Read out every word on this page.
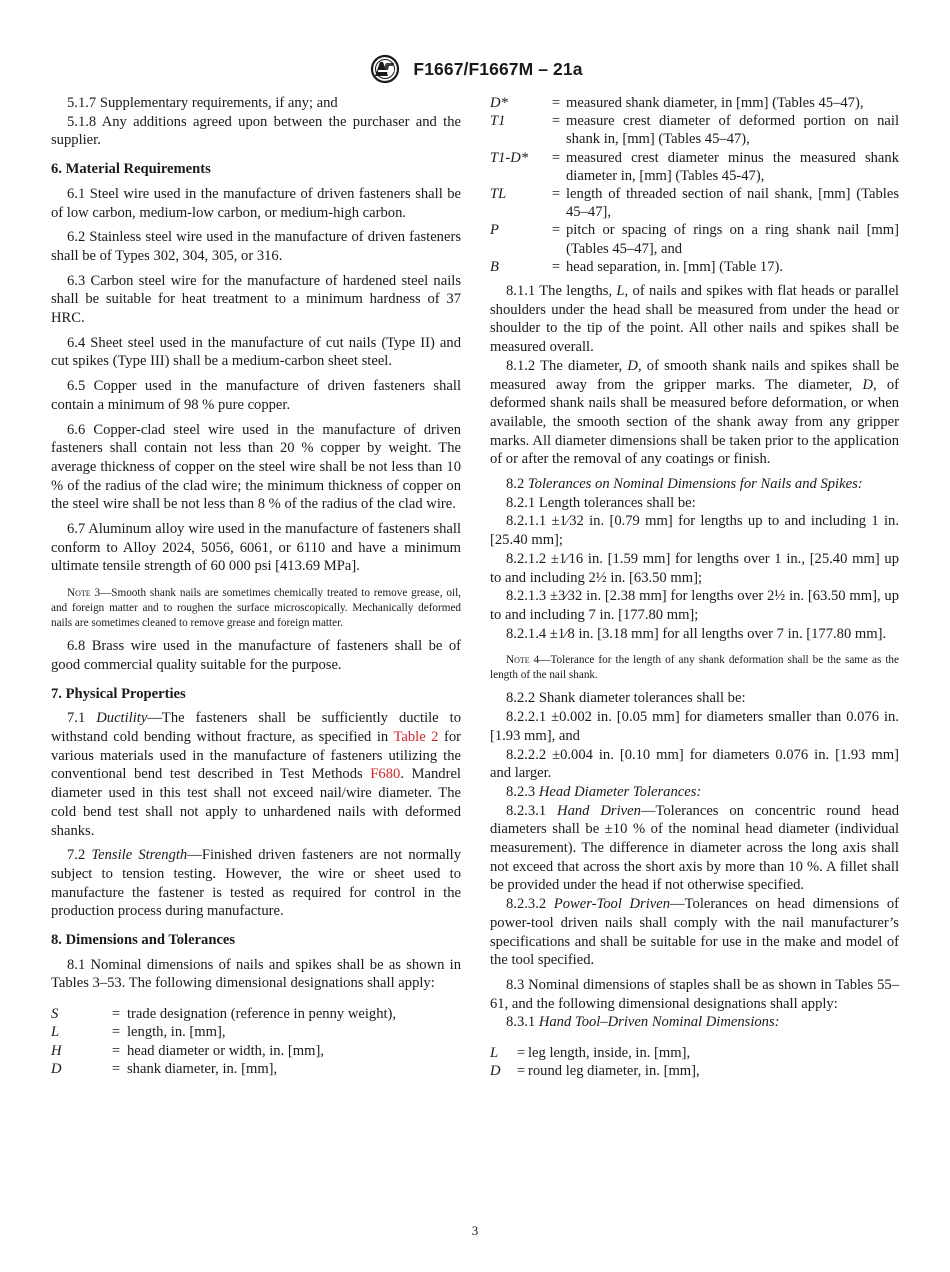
F1667/F1667M – 21a

5.1.7 Supplementary requirements, if any; and

5.1.8 Any additions agreed upon between the purchaser and the supplier.

6. Material Requirements

6.1 Steel wire used in the manufacture of driven fasteners shall be of low carbon, medium-low carbon, or medium-high carbon.

6.2 Stainless steel wire used in the manufacture of driven fasteners shall be of Types 302, 304, 305, or 316.

6.3 Carbon steel wire for the manufacture of hardened steel nails shall be suitable for heat treatment to a minimum hardness of 37 HRC.

6.4 Sheet steel used in the manufacture of cut nails (Type II) and cut spikes (Type III) shall be a medium-carbon sheet steel.

6.5 Copper used in the manufacture of driven fasteners shall contain a minimum of 98 % pure copper.

6.6 Copper-clad steel wire used in the manufacture of driven fasteners shall contain not less than 20 % copper by weight. The average thickness of copper on the steel wire shall be not less than 10 % of the radius of the clad wire; the minimum thickness of copper on the steel wire shall be not less than 8 % of the radius of the clad wire.

6.7 Aluminum alloy wire used in the manufacture of fasteners shall conform to Alloy 2024, 5056, 6061, or 6110 and have a minimum ultimate tensile strength of 60 000 psi [413.69 MPa].

Note 3—Smooth shank nails are sometimes chemically treated to remove grease, oil, and foreign matter and to roughen the surface microscopically. Mechanically deformed nails are sometimes cleaned to remove grease and foreign matter.

6.8 Brass wire used in the manufacture of fasteners shall be of good commercial quality suitable for the purpose.

7. Physical Properties

7.1 Ductility—The fasteners shall be sufficiently ductile to withstand cold bending without fracture, as specified in Table 2 for various materials used in the manufacture of fasteners utilizing the conventional bend test described in Test Methods F680. Mandrel diameter used in this test shall not exceed nail/wire diameter. The cold bend test shall not apply to unhardened nails with deformed shanks.

7.2 Tensile Strength—Finished driven fasteners are not normally subject to tension testing. However, the wire or sheet used to manufacture the fastener is tested as required for control in the production process during manufacture.

8. Dimensions and Tolerances

8.1 Nominal dimensions of nails and spikes shall be as shown in Tables 3–53. The following dimensional designations shall apply:

S	=	trade designation (reference in penny weight),
L	=	length, in. [mm],
H	=	head diameter or width, in. [mm],
D	=	shank diameter, in. [mm],
D*	=	measured shank diameter, in [mm] (Tables 45–47),
T1	=	measure crest diameter of deformed portion on nail shank in, [mm] (Tables 45–47),
T1-D*	=	measured crest diameter minus the measured shank diameter in, [mm] (Tables 45-47),
TL	=	length of threaded section of nail shank, [mm] (Tables 45–47],
P	=	pitch or spacing of rings on a ring shank nail [mm] (Tables 45–47], and
B	=	head separation, in. [mm] (Table 17).

8.1.1 The lengths, L, of nails and spikes with flat heads or parallel shoulders under the head shall be measured from under the head or shoulder to the tip of the point. All other nails and spikes shall be measured overall.

8.1.2 The diameter, D, of smooth shank nails and spikes shall be measured away from the gripper marks. The diameter, D, of deformed shank nails shall be measured before deformation, or when available, the smooth section of the shank away from any gripper marks. All diameter dimensions shall be taken prior to the application of or after the removal of any coatings or finish.

8.2 Tolerances on Nominal Dimensions for Nails and Spikes:

8.2.1 Length tolerances shall be:

8.2.1.1 ±1⁄32 in. [0.79 mm] for lengths up to and including 1 in. [25.40 mm];

8.2.1.2 ±1⁄16 in. [1.59 mm] for lengths over 1 in., [25.40 mm] up to and including 2½ in. [63.50 mm];

8.2.1.3 ±3⁄32 in. [2.38 mm] for lengths over 2½ in. [63.50 mm], up to and including 7 in. [177.80 mm];

8.2.1.4 ±1⁄8 in. [3.18 mm] for all lengths over 7 in. [177.80 mm].

Note 4—Tolerance for the length of any shank deformation shall be the same as the length of the nail shank.

8.2.2 Shank diameter tolerances shall be:

8.2.2.1 ±0.002 in. [0.05 mm] for diameters smaller than 0.076 in. [1.93 mm], and

8.2.2.2 ±0.004 in. [0.10 mm] for diameters 0.076 in. [1.93 mm] and larger.

8.2.3 Head Diameter Tolerances:

8.2.3.1 Hand Driven—Tolerances on concentric round head diameters shall be ±10 % of the nominal head diameter (individual measurement). The difference in diameter across the long axis shall not exceed that across the short axis by more than 10 %. A fillet shall be provided under the head if not otherwise specified.

8.2.3.2 Power-Tool Driven—Tolerances on head dimensions of power-tool driven nails shall comply with the nail manufacturer’s specifications and shall be suitable for use in the make and model of the tool specified.

8.3 Nominal dimensions of staples shall be as shown in Tables 55–61, and the following dimensional designations shall apply:

8.3.1 Hand Tool–Driven Nominal Dimensions:

L	=	leg length, inside, in. [mm],
D	=	round leg diameter, in. [mm],
3
